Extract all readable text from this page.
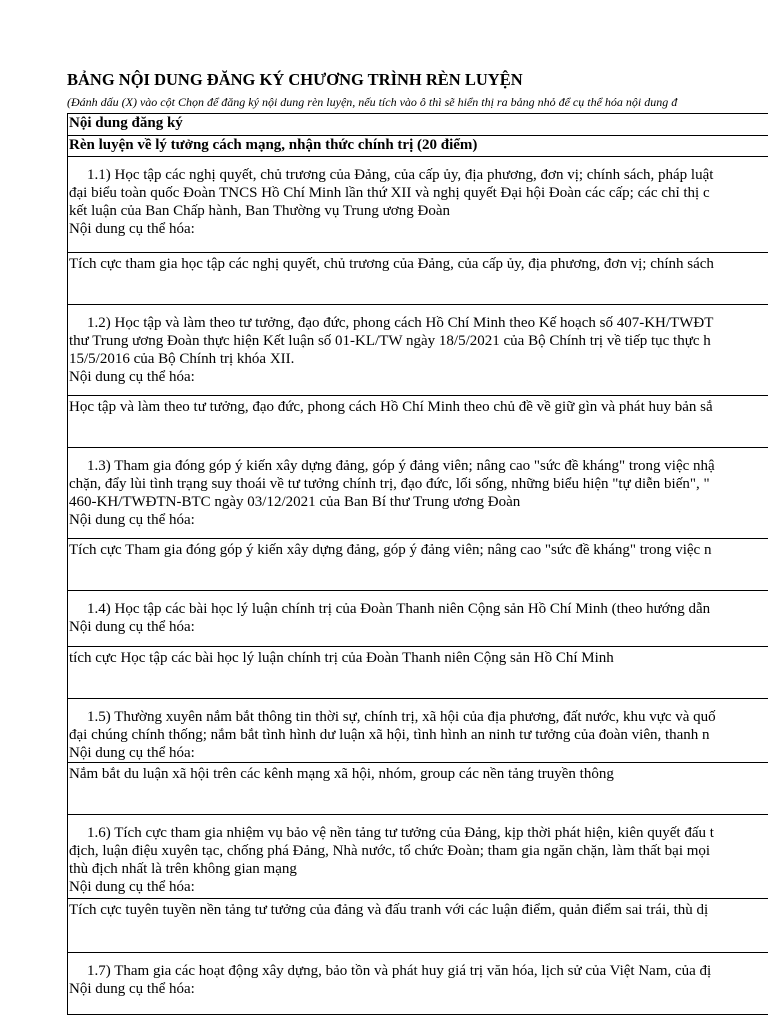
BẢNG NỘI DUNG ĐĂNG KÝ CHƯƠNG TRÌNH RÈN LUYỆN
(Đánh dấu (X) vào cột Chọn để đăng ký nội dung rèn luyện, nếu tích vào ô thì sẽ hiển thị ra bảng nhỏ để cụ thể hóa nội dung đ
Nội dung đăng ký
Rèn luyện về lý tưởng cách mạng, nhận thức chính trị (20 điểm)
1.1) Học tập các nghị quyết, chủ trương của Đảng, của cấp ủy, địa phương, đơn vị; chính sách, pháp luật
đại biểu toàn quốc Đoàn TNCS Hồ Chí Minh lần thứ XII và nghị quyết Đại hội Đoàn các cấp; các chỉ thị c
kết luận của Ban Chấp hành, Ban Thường vụ Trung ương Đoàn
Nội dung cụ thể hóa:
Tích cực tham gia học tập các nghị quyết, chủ trương của Đảng, của cấp ủy, địa phương, đơn vị; chính sách
1.2) Học tập và làm theo tư tưởng, đạo đức, phong cách Hồ Chí Minh theo Kế hoạch số 407-KH/TWĐT
thư Trung ương Đoàn thực hiện Kết luận số 01-KL/TW ngày 18/5/2021 của Bộ Chính trị về tiếp tục thực h
15/5/2016 của Bộ Chính trị khóa XII.
Nội dung cụ thể hóa:
Học tập và làm theo tư tưởng, đạo đức, phong cách Hồ Chí Minh theo chủ đề về giữ gìn và phát huy bản sắ
1.3) Tham gia đóng góp ý kiến xây dựng đảng, góp ý đảng viên; nâng cao "sức đề kháng" trong việc nhậ
chặn, đẩy lùi tình trạng suy thoái về tư tưởng chính trị, đạo đức, lối sống, những biểu hiện "tự diễn biến", "
460-KH/TWĐTN-BTC ngày 03/12/2021 của Ban Bí thư Trung ương Đoàn
Nội dung cụ thể hóa:
Tích cực Tham gia đóng góp ý kiến xây dựng đảng, góp ý đảng viên; nâng cao "sức đề kháng" trong việc n
1.4) Học tập các bài học lý luận chính trị của Đoàn Thanh niên Cộng sản Hồ Chí Minh (theo hướng dẫn
Nội dung cụ thể hóa:
tích cực Học tập các bài học lý luận chính trị của Đoàn Thanh niên Cộng sản Hồ Chí Minh
1.5) Thường xuyên nắm bắt thông tin thời sự, chính trị, xã hội của địa phương, đất nước, khu vực và quố
đại chúng chính thống; nắm bắt tình hình dư luận xã hội, tình hình an ninh tư tưởng của đoàn viên, thanh n
Nội dung cụ thể hóa:
Nắm bắt du luận xã hội trên các kênh mạng xã hội, nhóm, group các nền tảng truyền thông
1.6) Tích cực tham gia nhiệm vụ bảo vệ nền tảng tư tưởng của Đảng, kịp thời phát hiện, kiên quyết đấu t
địch, luận điệu xuyên tạc, chống phá Đảng, Nhà nước, tổ chức Đoàn; tham gia ngăn chặn, làm thất bại mọi
thù địch nhất là trên không gian mạng
Nội dung cụ thể hóa:
Tích cực tuyên tuyền nền tảng tư tưởng của đảng và đấu tranh với các luận điểm, quản điểm sai trái, thù dị
1.7) Tham gia các hoạt động xây dựng, bảo tồn và phát huy giá trị văn hóa, lịch sử của Việt Nam, của đị
Nội dung cụ thể hóa:
